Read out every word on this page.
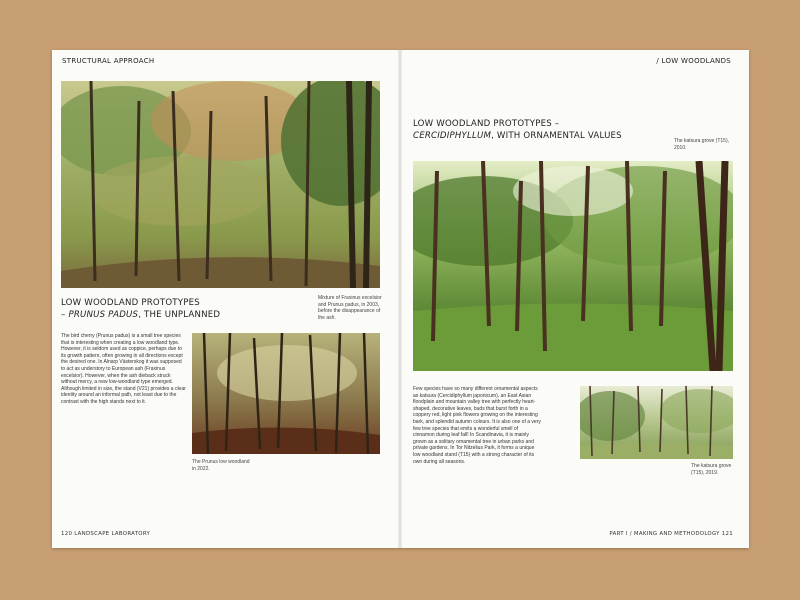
STRUCTURAL APPROACH
LOW WOODLAND PROTOTYPES
– PRUNUS PADUS, THE UNPLANNED
Mixture of Fraxinus excelsior and Prunus padus, in 2003, before the disappearance of the ash.

The bird cherry (Prunus padus) is a small tree species that is interesting when creating a low woodland type. However, it is seldom used as coppice, perhaps due to its growth pattern, often growing in all directions except the desired one. In Alnarp Västerskog it was supposed to act as understory to European ash (Fraxinus excelsior). However, when the ash dieback struck without mercy, a new low-woodland type emerged. Although limited in size, the stand (V21) provides a clear identity around an informal path, not least due to the contrast with the high stands next to it.

The Prunus low woodland in 2022.
120 LANDSCAPE LABORATORY
/ LOW WOODLANDS
LOW WOODLAND PROTOTYPES –
CERCIDIPHYLLUM, WITH ORNAMENTAL VALUES	The katsura grove (T15), 2010.

Few species have so many different ornamental aspects as katsura (Cercidiphyllum japonicum), an East Asian floodplain and mountain valley tree with perfectly heart-shaped, decorative leaves, buds that burst forth in a coppery red, light pink flowers growing on the interesting bark, and splendid autumn colours. It is also one of a very few tree species that emits a wonderful smell of cinnamon during leaf fall! In Scandinavia, it is mainly grown as a solitary ornamental tree in urban parks and private gardens. In Tor Nitzelius Park, it forms a unique low woodland stand (T15) with a strong character of its own during all seasons.

The katsura grove (T15), 2019.
PART I / MAKING AND METHODOLOGY 121
